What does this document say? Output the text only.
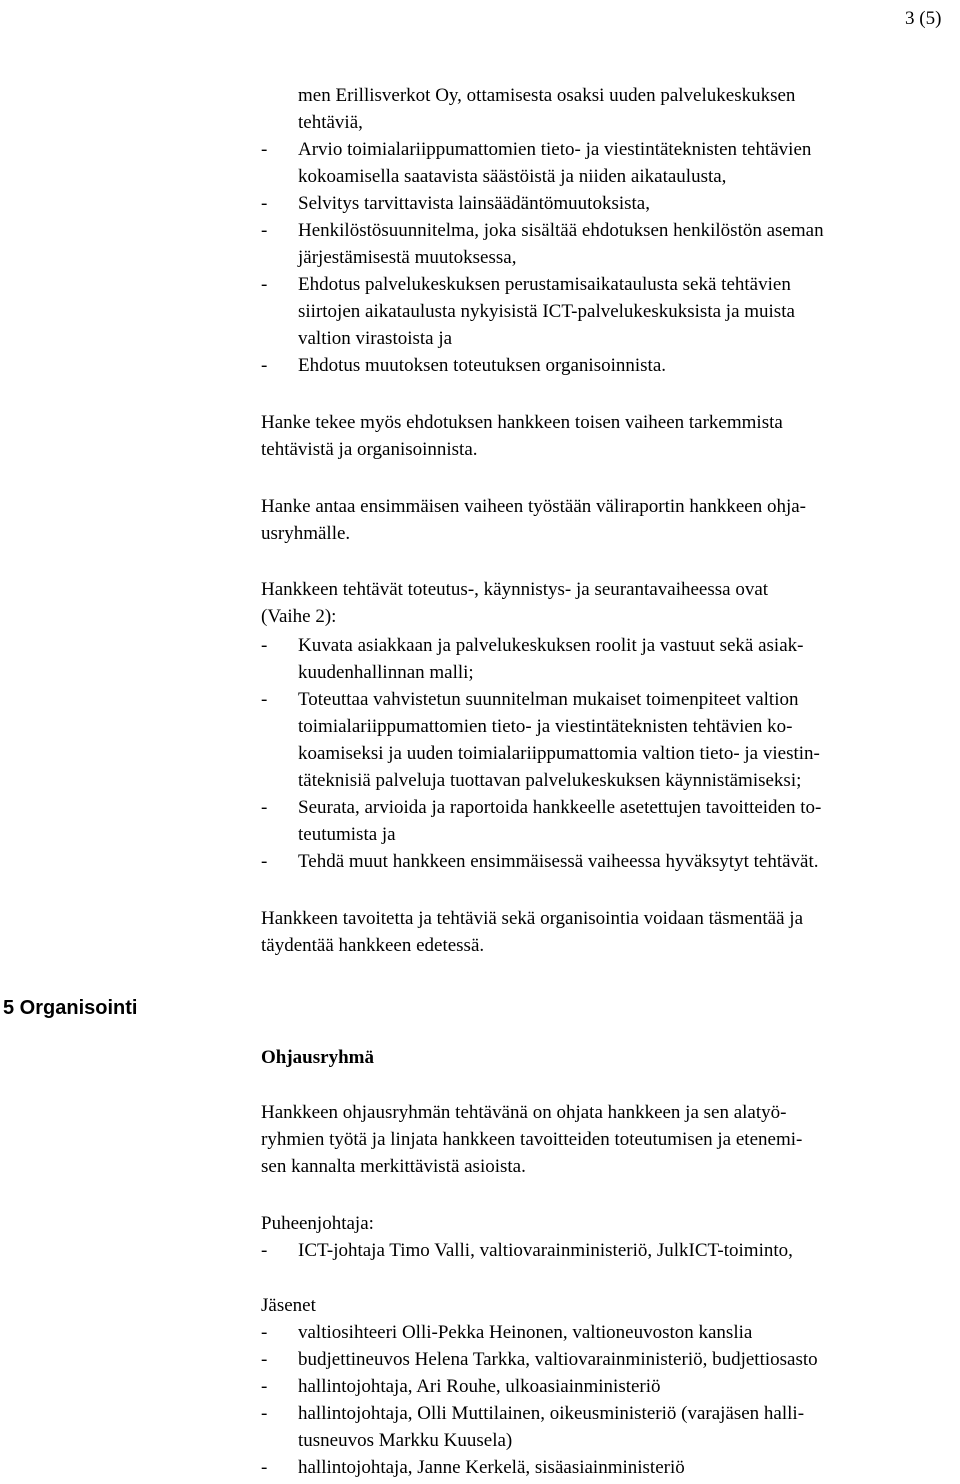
3 (5)
men Erillisverkot Oy, ottamisesta osaksi uuden palvelukeskuksen
tehtäviä,
- Arvio toimialariippumattomien tieto- ja viestintäteknisten tehtävien
kokoamisella saatavista säästöistä ja niiden aikataulusta,
- Selvitys tarvittavista lainsäädäntömuutoksista,
- Henkilöstösuunnitelma, joka sisältää ehdotuksen henkilöstön aseman
järjestämisestä muutoksessa,
- Ehdotus palvelukeskuksen perustamisaikataulusta sekä tehtävien
siirtojen aikataulusta nykyisistä ICT-palvelukeskuksista ja muista
valtion virastoista ja
- Ehdotus muutoksen toteutuksen organisoinnista.
Hanke tekee myös ehdotuksen hankkeen toisen vaiheen tarkemmista
tehtävistä ja organisoinnista.
Hanke antaa ensimmäisen vaiheen työstään väliraportin hankkeen ohja-
usryhmälle.
Hankkeen tehtävät toteutus-, käynnistys- ja seurantavaiheessa ovat
(Vaihe 2):
- Kuvata asiakkaan ja palvelukeskuksen roolit ja vastuut sekä asiak-
kuudenhallinnan malli;
- Toteuttaa vahvistetun suunnitelman mukaiset toimenpiteet valtion
toimialariippumattomien tieto- ja viestintäteknisten tehtävien ko-
koamiseksi ja uuden toimialariippumattomia valtion tieto- ja viestin-
täteknisiä palveluja tuottavan palvelukeskuksen käynnistämiseksi;
- Seurata, arvioida ja raportoida hankkeelle asetettujen tavoitteiden to-
teutumista ja
- Tehdä muut hankkeen ensimmäisessä vaiheessa hyväksytyt tehtävät.
Hankkeen tavoitetta ja tehtäviä sekä organisointia voidaan täsmentää ja
täydentää hankkeen edetessä.
5 Organisointi
Ohjausryhmä
Hankkeen ohjausryhmän tehtävänä on ohjata hankkeen ja sen alatyö-
ryhmien työtä ja linjata hankkeen tavoitteiden toteutumisen ja etenemi-
sen kannalta merkittävistä asioista.
Puheenjohtaja:
- ICT-johtaja Timo Valli, valtiovarainministeriö, JulkICT-toiminto,
Jäsenet
- valtiosihteeri Olli-Pekka Heinonen, valtioneuvoston kanslia
- budjettineuvos Helena Tarkka, valtiovarainministeriö, budjettiosasto
- hallintojohtaja, Ari Rouhe, ulkoasiainministeriö
- hallintojohtaja, Olli Muttilainen, oikeusministeriö (varajäsen halli-
tusneuvos Markku Kuusela)
- hallintojohtaja, Janne Kerkelä, sisäasiainministeriö
